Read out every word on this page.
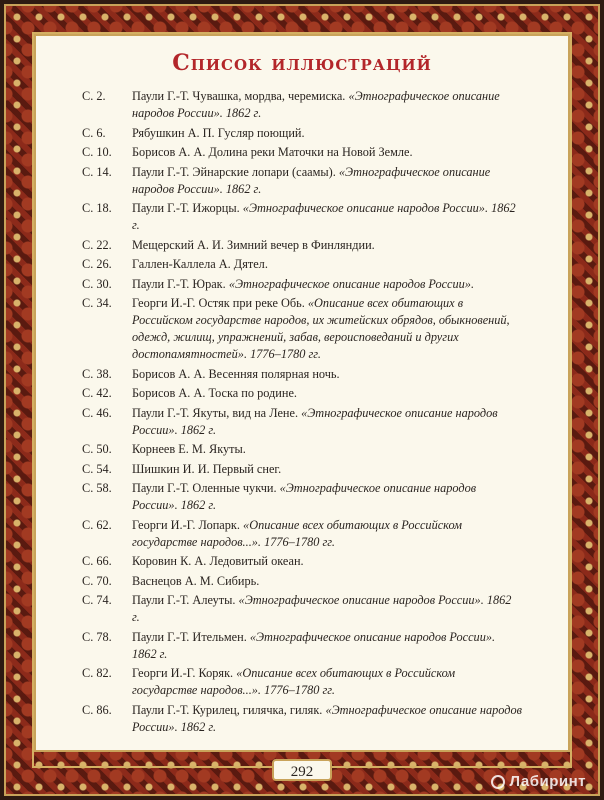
Список иллюстраций
С. 2.	Паули Г.-Т. Чувашка, мордва, черемиска. «Этнографическое описание народов России». 1862 г.
С. 6.	Рябушкин А. П. Гусляр поющий.
С. 10.	Борисов А. А. Долина реки Маточки на Новой Земле.
С. 14.	Паули Г.-Т. Эйнарские лопари (саамы). «Этнографическое описание народов России». 1862 г.
С. 18.	Паули Г.-Т. Ижорцы. «Этнографическое описание народов России». 1862 г.
С. 22.	Мещерский А. И. Зимний вечер в Финляндии.
С. 26.	Галлен-Каллела А. Дятел.
С. 30.	Паули Г.-Т. Юрак. «Этнографическое описание народов России».
С. 34.	Георги И.-Г. Остяк при реке Обь. «Описание всех обитающих в Российском государстве народов, их житейских обрядов, обыкновений, одежд, жилищ, упражнений, забав, вероисповеданий и других достопамятностей». 1776–1780 гг.
С. 38.	Борисов А. А. Весенняя полярная ночь.
С. 42.	Борисов А. А. Тоска по родине.
С. 46.	Паули Г.-Т. Якуты, вид на Лене. «Этнографическое описание народов России». 1862 г.
С. 50.	Корнеев Е. М. Якуты.
С. 54.	Шишкин И. И. Первый снег.
С. 58.	Паули Г.-Т. Оленные чукчи. «Этнографическое описание народов России». 1862 г.
С. 62.	Георги И.-Г. Лопарк. «Описание всех обитающих в Российском государстве народов...». 1776–1780 гг.
С. 66.	Коровин К. А. Ледовитый океан.
С. 70.	Васнецов А. М. Сибирь.
С. 74.	Паули Г.-Т. Алеуты. «Этнографическое описание народов России». 1862 г.
С. 78.	Паули Г.-Т. Ительмен. «Этнографическое описание народов России». 1862 г.
С. 82.	Георги И.-Г. Коряк. «Описание всех обитающих в Российском государстве народов...». 1776–1780 гг.
С. 86.	Паули Г.-Т. Курилец, гилячка, гиляк. «Этнографическое описание народов России». 1862 г.
292
Лабиринт
